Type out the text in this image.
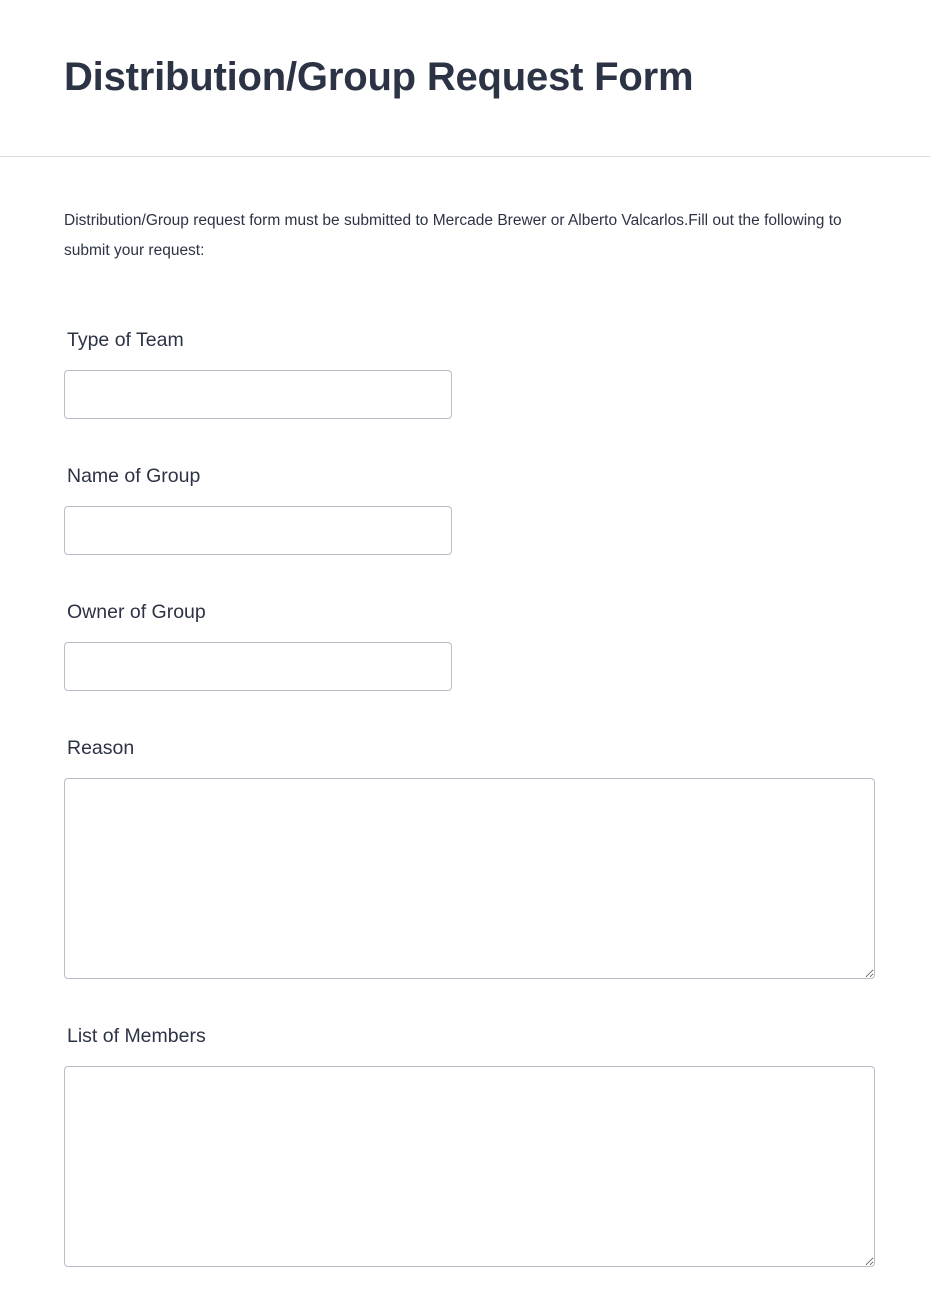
Distribution/Group Request Form

Distribution/Group request form must be submitted to Mercade Brewer or Alberto Valcarlos.Fill out the following to submit your request:

Type of Team
Name of Group
Owner of Group
Reason
List of Members
